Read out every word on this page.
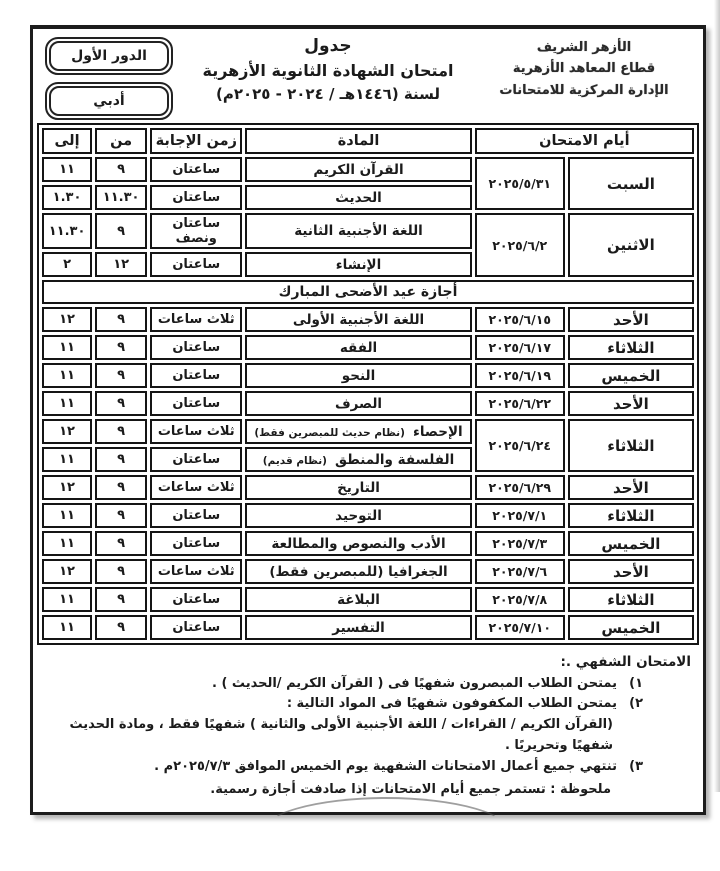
الأزهر الشريف
قطاع المعاهد الأزهرية
الإدارة المركزية للامتحانات
جدول
امتحان الشهادة الثانوية الأزهرية
لسنة (١٤٤٦هـ / ٢٠٢٤ - ٢٠٢٥م)
الدور الأول
أدبي
أيام الامتحان		المادة	زمن الإجابة	من	إلى
السبت	٢٠٢٥/٥/٣١	القرآن الكريم	ساعتان	٩	١١
		الحديث	ساعتان	١١.٣٠	١.٣٠
الاثنين	٢٠٢٥/٦/٢	اللغة الأجنبية الثانية	ساعتان ونصف	٩	١١.٣٠
		الإنشاء	ساعتان	١٢	٢
أجازة عيد الأضحى المبارك					
الأحد	٢٠٢٥/٦/١٥	اللغة الأجنبية الأولى	ثلاث ساعات	٩	١٢
الثلاثاء	٢٠٢٥/٦/١٧	الفقه	ساعتان	٩	١١
الخميس	٢٠٢٥/٦/١٩	النحو	ساعتان	٩	١١
الأحد	٢٠٢٥/٦/٢٢	الصرف	ساعتان	٩	١١
الثلاثاء	٢٠٢٥/٦/٢٤	الإحصاء(نظام حديث للمبصرين فقط)	ثلاث ساعات	٩	١٢
		الفلسفة والمنطق(نظام قديم)	ساعتان	٩	١١
الأحد	٢٠٢٥/٦/٢٩	التاريخ	ثلاث ساعات	٩	١٢
الثلاثاء	٢٠٢٥/٧/١	التوحيد	ساعتان	٩	١١
الخميس	٢٠٢٥/٧/٣	الأدب والنصوص والمطالعة	ساعتان	٩	١١
الأحد	٢٠٢٥/٧/٦	الجغرافيا (للمبصرين فقط)	ثلاث ساعات	٩	١٢
الثلاثاء	٢٠٢٥/٧/٨	البلاغة	ساعتان	٩	١١
الخميس	٢٠٢٥/٧/١٠	التفسير	ساعتان	٩	١١
الامتحان الشفهي .:
١)يمتحن الطلاب المبصرون شفهيًا فى ( القرآن الكريم /الحديث ) .
٢)يمتحن الطلاب المكفوفون شفهيًا فى المواد التالية :
(القرآن الكريم / القراءات / اللغة الأجنبية الأولى والثانية ) شفهيًا فقط ، ومادة الحديث شفهيًا وتحريريًا .
٣)تنتهي جميع أعمال الامتحانات الشفهية يوم الخميس الموافق ٢٠٢٥/٧/٣م .
ملحوظة : تستمر جميع أيام الامتحانات إذا صادفت أجازة رسمية.
